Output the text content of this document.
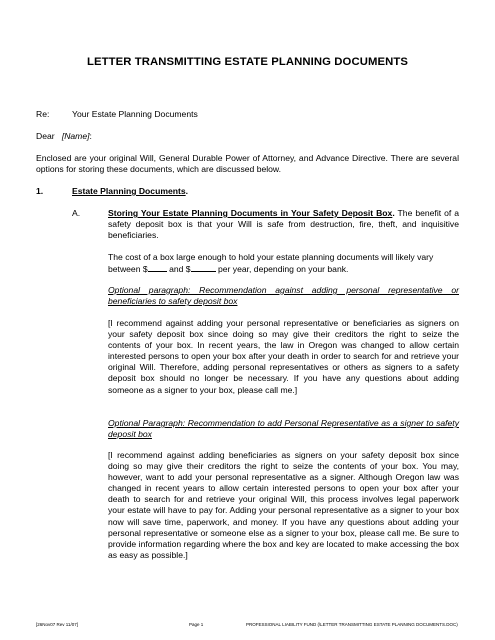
LETTER TRANSMITTING ESTATE PLANNING DOCUMENTS
Re:	Your Estate Planning Documents
Dear [Name]:
Enclosed are your original Will, General Durable Power of Attorney, and Advance Directive. There are several options for storing these documents, which are discussed below.
1.	Estate Planning Documents.
A.	Storing Your Estate Planning Documents in Your Safety Deposit Box. The benefit of a safety deposit box is that your Will is safe from destruction, fire, theft, and inquisitive beneficiaries.
The cost of a box large enough to hold your estate planning documents will likely vary between $ and $	per year, depending on your bank.
Optional paragraph: Recommendation against adding personal representative or beneficiaries to safety deposit box
[I recommend against adding your personal representative or beneficiaries as signers on your safety deposit box since doing so may give their creditors the right to seize the contents of your box. In recent years, the law in Oregon was changed to allow certain interested persons to open your box after your death in order to search for and retrieve your original Will. Therefore, adding personal representatives or others as signers to a safety deposit box should no longer be necessary. If you have any questions about adding someone as a signer to your box, please call me.]
Optional Paragraph: Recommendation to add Personal Representative as a signer to safety deposit box
[I recommend against adding beneficiaries as signers on your safety deposit box since doing so may give their creditors the right to seize the contents of your box. You may, however, want to add your personal representative as a signer. Although Oregon law was changed in recent years to allow certain interested persons to open your box after your death to search for and retrieve your original Will, this process involves legal paperwork your estate will have to pay for. Adding your personal representative as a signer to your box now will save time, paperwork, and money. If you have any questions about adding your personal representative or someone else as a signer to your box, please call me. Be sure to provide information regarding where the box and key are located to make accessing the box as easy as possible.]
[26Nov07 Rev 11/07]	Page 1	PROFESSIONAL LIABILITY FUND (\LETTER TRANSMITTING ESTATE PLANNING DOCUMENTS.DOC)
